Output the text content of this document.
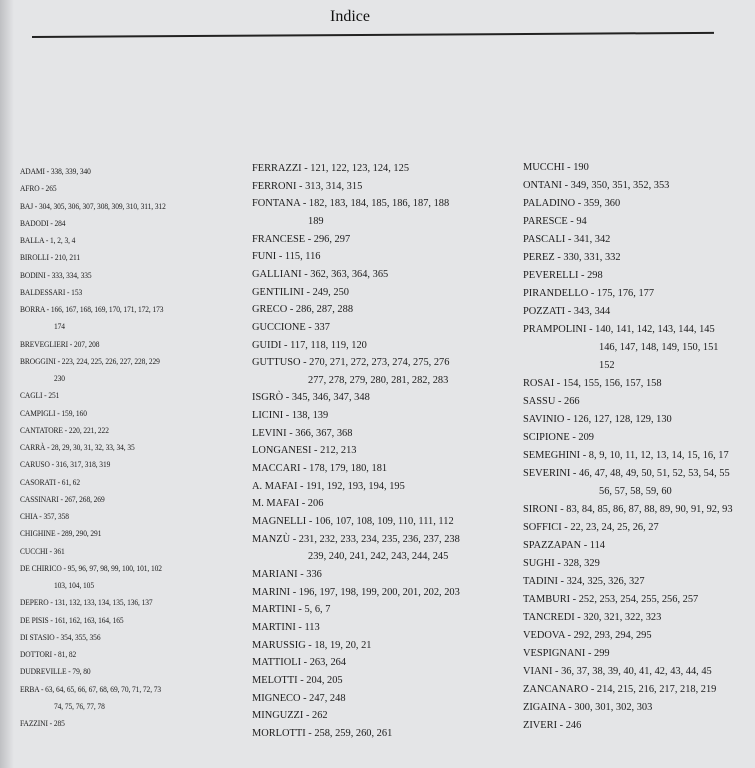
Indice
ADAMI - 338, 339, 340
AFRO - 265
BAJ - 304, 305, 306, 307, 308, 309, 310, 311, 312
BADODI - 284
BALLA - 1, 2, 3, 4
BIROLLI - 210, 211
BODINI - 333, 334, 335
BALDESSARI - 153
BORRA - 166, 167, 168, 169, 170, 171, 172, 173
174
BREVEGLIERI - 207, 208
BROGGINI - 223, 224, 225, 226, 227, 228, 229
230
CAGLI - 251
CAMPIGLI - 159, 160
CANTATORE - 220, 221, 222
CARRÀ - 28, 29, 30, 31, 32, 33, 34, 35
CARUSO - 316, 317, 318, 319
CASORATI - 61, 62
CASSINARI - 267, 268, 269
CHIA - 357, 358
CHIGHINE - 289, 290, 291
CUCCHI - 361
DE CHIRICO - 95, 96, 97, 98, 99, 100, 101, 102
103, 104, 105
DEPERO - 131, 132, 133, 134, 135, 136, 137
DE PISIS - 161, 162, 163, 164, 165
DI STASIO - 354, 355, 356
DOTTORI - 81, 82
DUDREVILLE - 79, 80
ERBA - 63, 64, 65, 66, 67, 68, 69, 70, 71, 72, 73
74, 75, 76, 77, 78
FAZZINI - 285
FERRAZZI - 121, 122, 123, 124, 125
FERRONI - 313, 314, 315
FONTANA - 182, 183, 184, 185, 186, 187, 188
189
FRANCESE - 296, 297
FUNI - 115, 116
GALLIANI - 362, 363, 364, 365
GENTILINI - 249, 250
GRECO - 286, 287, 288
GUCCIONE - 337
GUIDI - 117, 118, 119, 120
GUTTUSO - 270, 271, 272, 273, 274, 275, 276
277, 278, 279, 280, 281, 282, 283
ISGRÒ - 345, 346, 347, 348
LICINI - 138, 139
LEVINI - 366, 367, 368
LONGANESI - 212, 213
MACCARI - 178, 179, 180, 181
A. MAFAI - 191, 192, 193, 194, 195
M. MAFAI - 206
MAGNELLI - 106, 107, 108, 109, 110, 111, 112
MANZÙ - 231, 232, 233, 234, 235, 236, 237, 238
239, 240, 241, 242, 243, 244, 245
MARIANI - 336
MARINI - 196, 197, 198, 199, 200, 201, 202, 203
MARTINI - 5, 6, 7
MARTINI - 113
MARUSSIG - 18, 19, 20, 21
MATTIOLI - 263, 264
MELOTTI - 204, 205
MIGNECO - 247, 248
MINGUZZI - 262
MORLOTTI - 258, 259, 260, 261
MUCCHI - 190
ONTANI - 349, 350, 351, 352, 353
PALADINO - 359, 360
PARESCE - 94
PASCALI - 341, 342
PEREZ - 330, 331, 332
PEVERELLI - 298
PIRANDELLO - 175, 176, 177
POZZATI - 343, 344
PRAMPOLINI - 140, 141, 142, 143, 144, 145
146, 147, 148, 149, 150, 151
152
ROSAI - 154, 155, 156, 157, 158
SASSU - 266
SAVINIO - 126, 127, 128, 129, 130
SCIPIONE - 209
SEMEGHINI - 8, 9, 10, 11, 12, 13, 14, 15, 16, 17
SEVERINI - 46, 47, 48, 49, 50, 51, 52, 53, 54, 55
56, 57, 58, 59, 60
SIRONI - 83, 84, 85, 86, 87, 88, 89, 90, 91, 92, 93
SOFFICI - 22, 23, 24, 25, 26, 27
SPAZZAPAN - 114
SUGHI - 328, 329
TADINI - 324, 325, 326, 327
TAMBURI - 252, 253, 254, 255, 256, 257
TANCREDI - 320, 321, 322, 323
VEDOVA - 292, 293, 294, 295
VESPIGNANI - 299
VIANI - 36, 37, 38, 39, 40, 41, 42, 43, 44, 45
ZANCANARO - 214, 215, 216, 217, 218, 219
ZIGAINA - 300, 301, 302, 303
ZIVERI - 246
